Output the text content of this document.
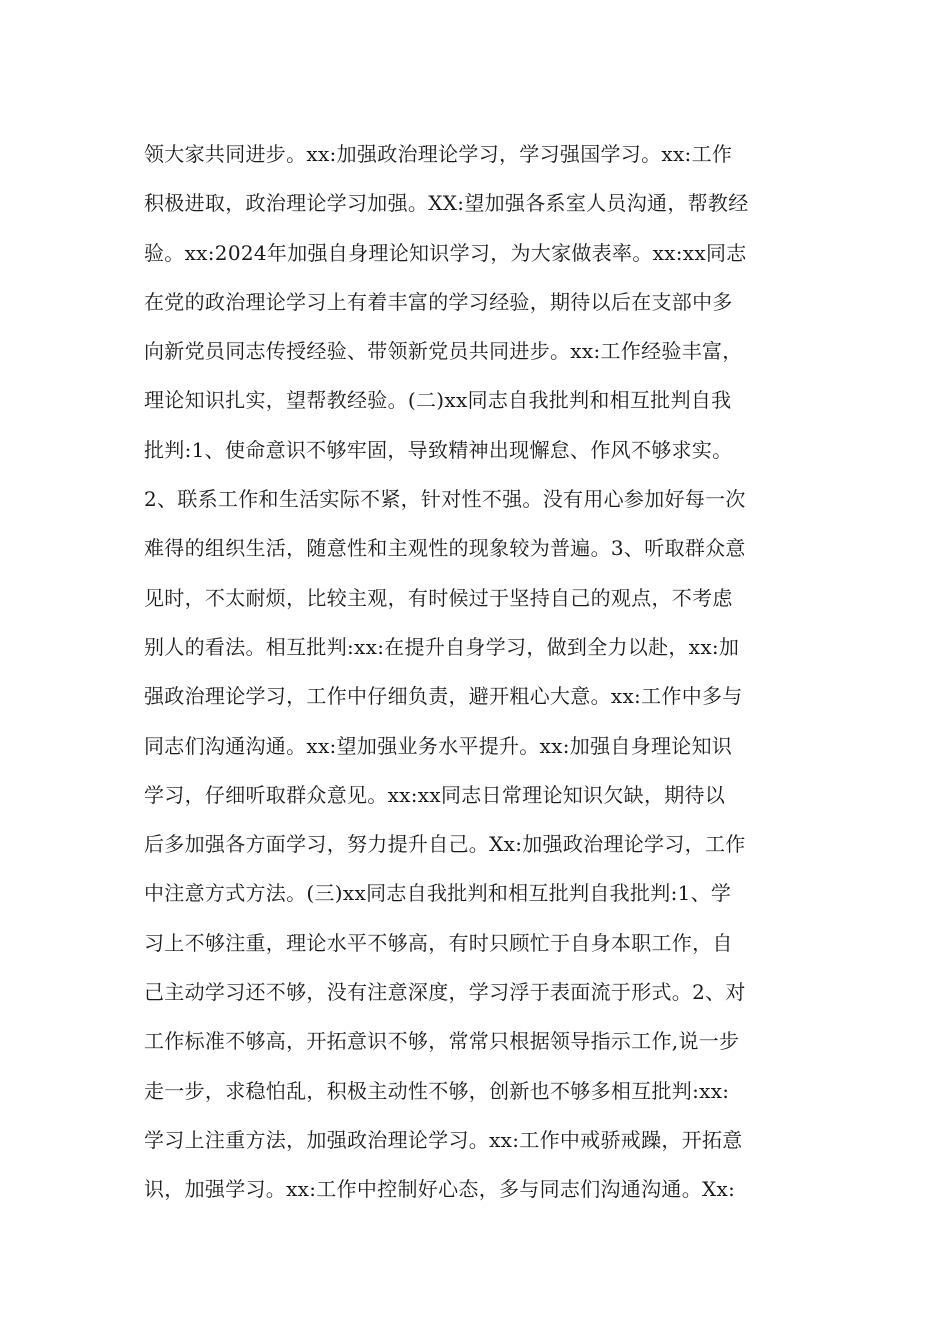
领大家共同进步。xx:加强政治理论学习，学习强国学习。xx:工作
积极进取，政治理论学习加强。XX:望加强各系室人员沟通，帮教经
验。xx:2024年加强自身理论知识学习，为大家做表率。xx:xx同志
在党的政治理论学习上有着丰富的学习经验，期待以后在支部中多
向新党员同志传授经验、带领新党员共同进步。xx:工作经验丰富，
理论知识扎实，望帮教经验。(二)xx同志自我批判和相互批判自我
批判:1、使命意识不够牢固，导致精神出现懈怠、作风不够求实。
2、联系工作和生活实际不紧，针对性不强。没有用心参加好每一次
难得的组织生活，随意性和主观性的现象较为普遍。3、听取群众意
见时，不太耐烦，比较主观，有时候过于坚持自己的观点，不考虑
别人的看法。相互批判:xx:在提升自身学习，做到全力以赴，xx:加
强政治理论学习，工作中仔细负责，避开粗心大意。xx:工作中多与
同志们沟通沟通。xx:望加强业务水平提升。xx:加强自身理论知识
学习，仔细听取群众意见。xx:xx同志日常理论知识欠缺，期待以
后多加强各方面学习，努力提升自己。Xx:加强政治理论学习，工作
中注意方式方法。(三)xx同志自我批判和相互批判自我批判:1、学
习上不够注重，理论水平不够高，有时只顾忙于自身本职工作，自
己主动学习还不够，没有注意深度，学习浮于表面流于形式。2、对
工作标准不够高，开拓意识不够，常常只根据领导指示工作,说一步
走一步，求稳怕乱，积极主动性不够，创新也不够多相互批判:xx:
学习上注重方法，加强政治理论学习。xx:工作中戒骄戒躁，开拓意
识，加强学习。xx:工作中控制好心态，多与同志们沟通沟通。Xx:
